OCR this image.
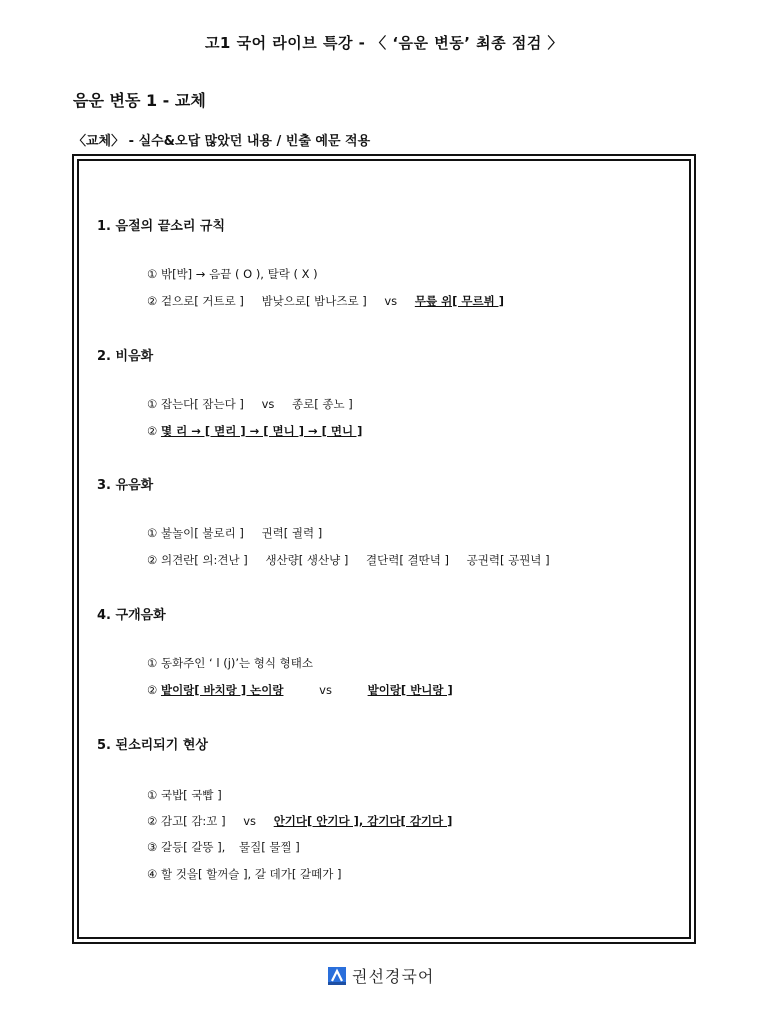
고1 국어 라이브 특강 - 〈 ‘음운 변동’ 최종 점검 〉
음운 변동 1 - 교체
〈교체〉 - 실수&오답 많았던 내용 / 빈출 예문 적용
1. 음절의 끝소리 규칙
① 밖[박] → 음끝 ( O ), 탈락 ( X )
② 겉으로[ 거트로 ] 밤낮으로[ 밤나즈로 ] vs 무릎 위[ 무르뷔 ]
2. 비음화
① 잡는다[ 잠는다 ] vs 종로[ 종노 ]
② 몇 리 → [ 멷리 ] → [ 멷니 ] → [ 면니 ]
3. 유음화
① 불놀이[ 불로리 ] 권력[ 궐력 ]
② 의견란[ 의:견난 ] 생산량[ 생산냥 ] 결단력[ 결딴녁 ] 공권력[ 공꿘녁 ]
4. 구개음화
① 동화주인 ‘ l (j)’는 형식 형태소
② 밭이랑[ 바치랑 ] 논이랑	vs	밭이랑[ 반니랑 ]
5. 된소리되기 현상
① 국밥[ 국빱 ]
② 감고[ 감:꼬 ] vs 안기다[ 안기다 ], 감기다[ 감기다 ]
③ 갈등[ 갈뜽 ], 물질[ 물찔 ]
④ 할 것을[ 할꺼슬 ], 갈 데가[ 갈떼가 ]
권선경국어
